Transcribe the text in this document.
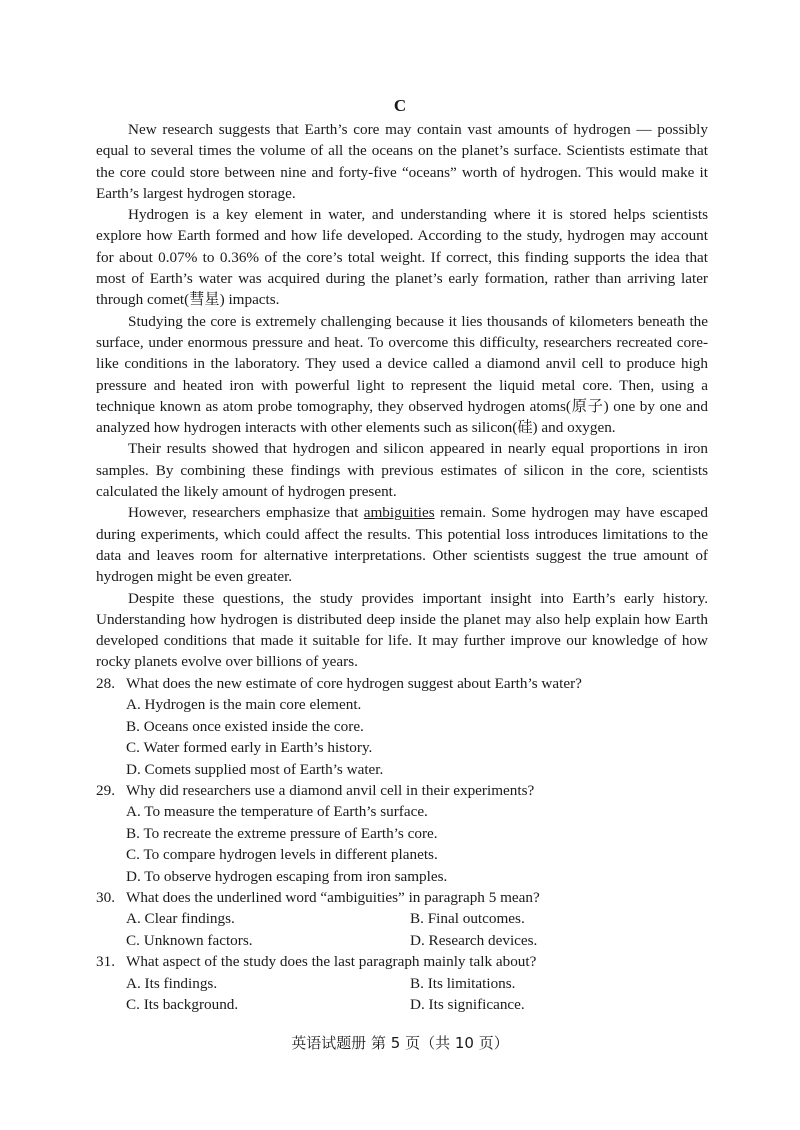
C

New research suggests that Earth’s core may contain vast amounts of hydrogen — possibly equal to several times the volume of all the oceans on the planet’s surface. Scientists estimate that the core could store between nine and forty-five “oceans” worth of hydrogen. This would make it Earth’s largest hydrogen storage.

Hydrogen is a key element in water, and understanding where it is stored helps scientists explore how Earth formed and how life developed. According to the study, hydrogen may account for about 0.07% to 0.36% of the core’s total weight. If correct, this finding supports the idea that most of Earth’s water was acquired during the planet’s early formation, rather than arriving later through comet(彗星) impacts.

Studying the core is extremely challenging because it lies thousands of kilometers beneath the surface, under enormous pressure and heat. To overcome this difficulty, researchers recreated core-like conditions in the laboratory. They used a device called a diamond anvil cell to produce high pressure and heated iron with powerful light to represent the liquid metal core. Then, using a technique known as atom probe tomography, they observed hydrogen atoms(原子) one by one and analyzed how hydrogen interacts with other elements such as silicon(硅) and oxygen.

Their results showed that hydrogen and silicon appeared in nearly equal proportions in iron samples. By combining these findings with previous estimates of silicon in the core, scientists calculated the likely amount of hydrogen present.

However, researchers emphasize that ambiguities remain. Some hydrogen may have escaped during experiments, which could affect the results. This potential loss introduces limitations to the data and leaves room for alternative interpretations. Other scientists suggest the true amount of hydrogen might be even greater.

Despite these questions, the study provides important insight into Earth’s early history. Understanding how hydrogen is distributed deep inside the planet may also help explain how Earth developed conditions that made it suitable for life. It may further improve our knowledge of how rocky planets evolve over billions of years.

28. What does the new estimate of core hydrogen suggest about Earth’s water?
A. Hydrogen is the main core element.
B. Oceans once existed inside the core.
C. Water formed early in Earth’s history.
D. Comets supplied most of Earth’s water.
29. Why did researchers use a diamond anvil cell in their experiments?
A. To measure the temperature of Earth’s surface.
B. To recreate the extreme pressure of Earth’s core.
C. To compare hydrogen levels in different planets.
D. To observe hydrogen escaping from iron samples.
30. What does the underlined word “ambiguities” in paragraph 5 mean?
A. Clear findings.	B. Final outcomes.
C. Unknown factors.	D. Research devices.
31. What aspect of the study does the last paragraph mainly talk about?
A. Its findings.	B. Its limitations.
C. Its background.	D. Its significance.
英语试题册 第 5 页（共 10 页）
